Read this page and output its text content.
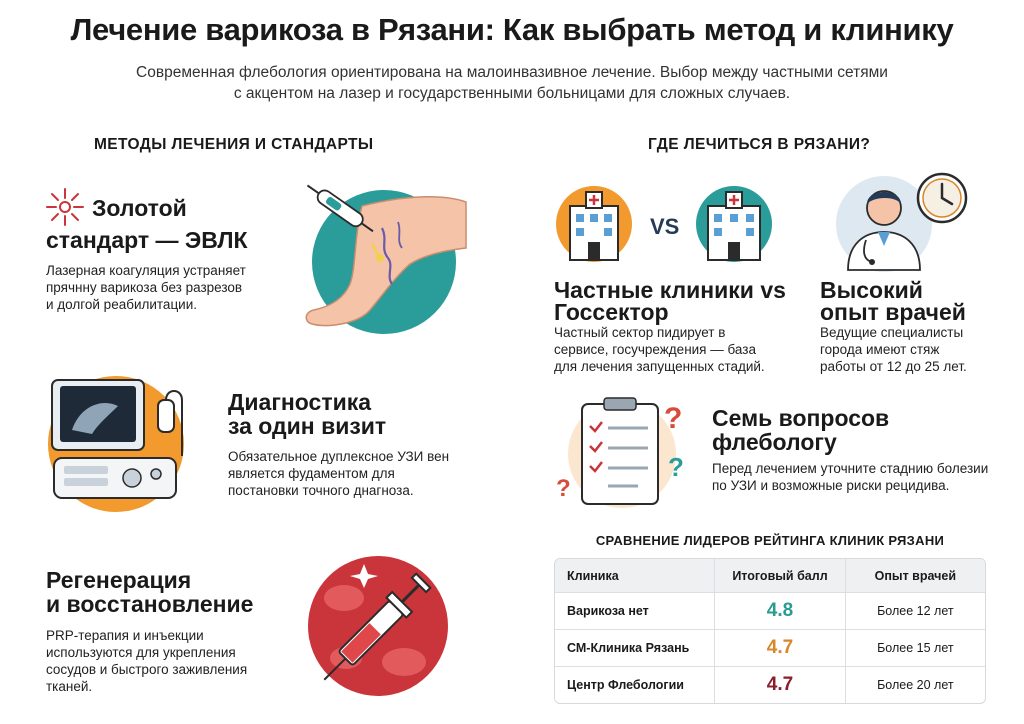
Лечение варикоза в Рязани: Как выбрать метод и клинику
Современная флебология ориентирована на малоинвазивное лечение. Выбор между частными сетями
с акцентом на лазер и государственными больницами для сложных случаев.
МЕТОДЫ ЛЕЧЕНИЯ И СТАНДАРТЫ	ГДЕ ЛЕЧИТЬСЯ В РЯЗАНИ?
Золотой
стандарт — ЭВЛК
Лазерная коагуляция устраняет
прячнну варикоза без разрезов
и долгой реабилитации.
Диагностика
за один визит
Обязательное дуплексное УЗИ вен
является фудаментом для
постановки точного днагноза.
Регенерация
и восстановление
PRP-терапия и инъекции
используются для укрепления
сосудов и быстрого заживления
тканей.
VS
Частные клиники vs
Госсектор
Частный сектор пидирует в
сервисе, госучреждения — база
для лечения запущенных стадий.
Высокий
опыт врачей
Ведущие специалисты
города имеют стяж
работы от 12 до 25 лет.
?
?
?
Семь вопросов
флебологу
Перед лечением уточните стаднию болезии
по УЗИ и возможные риски рецидива.
СРАВНЕНИЕ ЛИДЕРОВ РЕЙТИНГА КЛИНИК РЯЗАНИ
Клиника	Итоговый балл	Опыт врачей
Варикоза нет	4.8	Более 12 лет
СМ-Клиника Рязань	4.7	Более 15 лет
Центр Флебологии	4.7	Более 20 лет
